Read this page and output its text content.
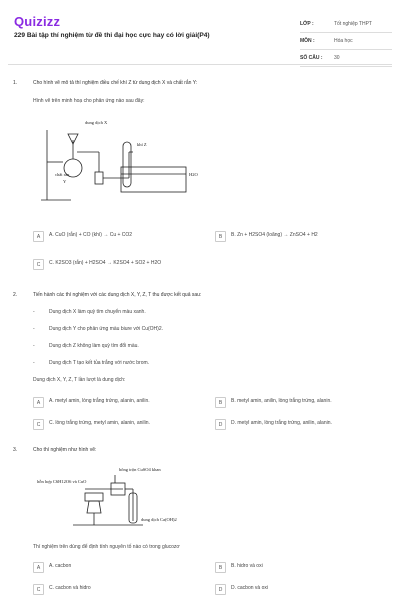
Quizizz
229 Bài tập thí nghiệm từ đề thi đại học cực hay có lời giải(P4)
LỚP :	Tốt nghiệp THPT
MÔN :	Hóa học
SỐ CÂU :	30
1.	Cho hình vẽ mô tả thí nghiệm điều chế khí Z từ dung dịch X và chất rắn Y:
Hình vẽ trên minh hoạ cho phản ứng nào sau đây:
dung dịch X
khí Z
chất rắn
Y
H2O
A	A. CuO (rắn) + CO (khí) → Cu + CO2	B	B. Zn + H2SO4 (loãng) → ZnSO4 + H2
C	C. K2SO3 (rắn) + H2SO4 → K2SO4 + SO2 + H2O
2.	Tiến hành các thí nghiệm với các dung dịch X, Y, Z, T thu được kết quả sau:
-	Dung dịch X làm quỳ tím chuyển màu xanh.
-	Dung dịch Y cho phản ứng màu biure với Cu(OH)2.
-	Dung dịch Z không làm quỳ tím đổi màu.
-	Dung dịch T tạo kết tủa trắng với nước brom.
Dung dịch X, Y, Z, T lần lượt là dung dịch:
A	A. metyl amin, lòng trắng trứng, alanin, anilin.	B	B. metyl amin, anilin, lòng trắng trứng, alanin.
C	C. lòng trắng trứng, metyl amin, alanin, anilin.	D	D. metyl amin, lòng trắng trứng, anilin, alanin.
3.	Cho thí nghiệm như hình vẽ:
bông trộn CuSO4 khan
hỗn hợp C6H12O6 và CuO
dung dịch Ca(OH)2
Thí nghiệm trên dùng để định tính nguyên tố nào có trong glucozơ
A	A. cacbon	B	B. hidro và oxi
C	C. cacbon và hidro	D	D. cacbon và oxi
